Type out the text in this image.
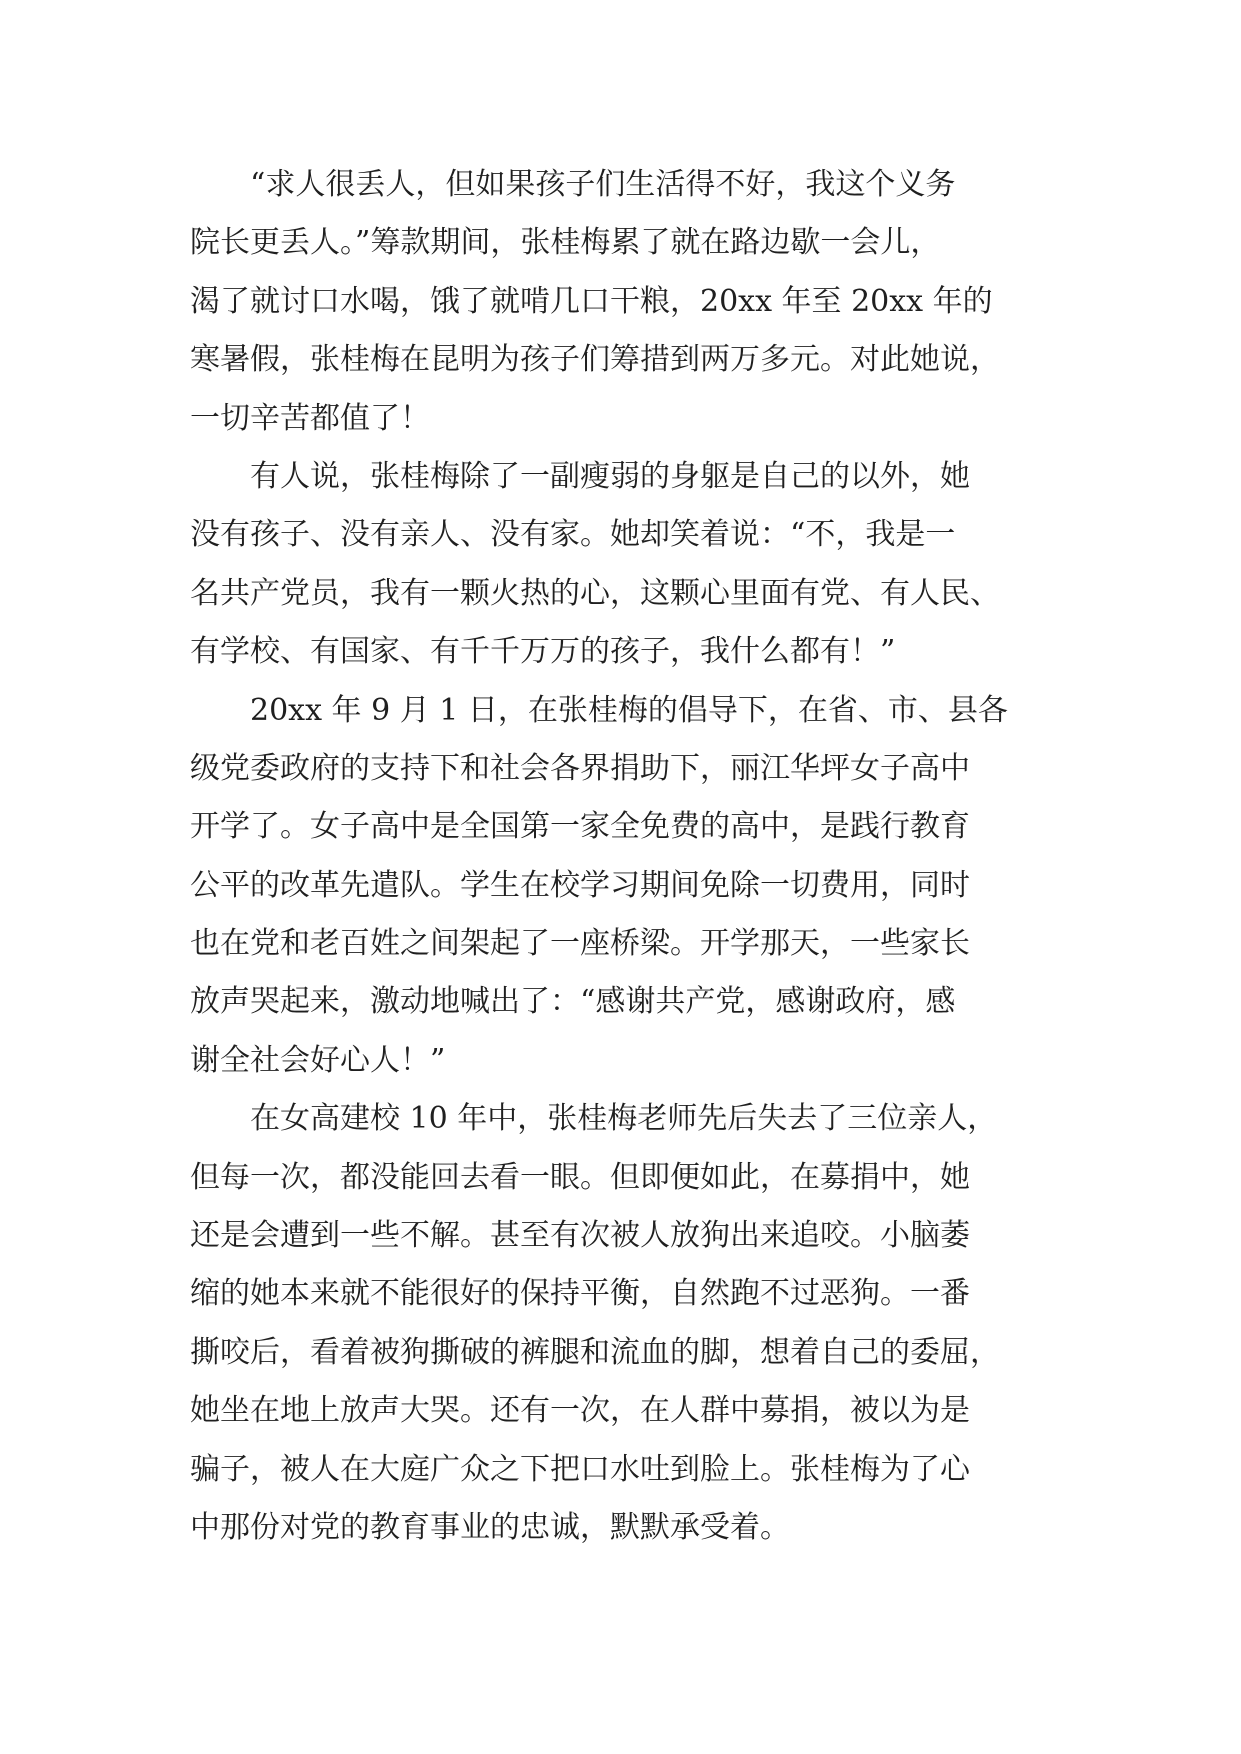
“求人很丢人，但如果孩子们生活得不好，我这个义务
院长更丢人。”筹款期间，张桂梅累了就在路边歇一会儿，
渴了就讨口水喝，饿了就啃几口干粮，20xx 年至 20xx 年的
寒暑假，张桂梅在昆明为孩子们筹措到两万多元。对此她说，
一切辛苦都值了！
有人说，张桂梅除了一副瘦弱的身躯是自己的以外，她
没有孩子、没有亲人、没有家。她却笑着说：“不，我是一
名共产党员，我有一颗火热的心，这颗心里面有党、有人民、
有学校、有国家、有千千万万的孩子，我什么都有！”
20xx 年 9 月 1 日，在张桂梅的倡导下，在省、市、县各
级党委政府的支持下和社会各界捐助下，丽江华坪女子高中
开学了。女子高中是全国第一家全免费的高中，是践行教育
公平的改革先遣队。学生在校学习期间免除一切费用，同时
也在党和老百姓之间架起了一座桥梁。开学那天，一些家长
放声哭起来，激动地喊出了：“感谢共产党，感谢政府，感
谢全社会好心人！”
在女高建校 10 年中，张桂梅老师先后失去了三位亲人，
但每一次，都没能回去看一眼。但即便如此，在募捐中，她
还是会遭到一些不解。甚至有次被人放狗出来追咬。小脑萎
缩的她本来就不能很好的保持平衡，自然跑不过恶狗。一番
撕咬后，看着被狗撕破的裤腿和流血的脚，想着自己的委屈，
她坐在地上放声大哭。还有一次，在人群中募捐，被以为是
骗子，被人在大庭广众之下把口水吐到脸上。张桂梅为了心
中那份对党的教育事业的忠诚，默默承受着。
